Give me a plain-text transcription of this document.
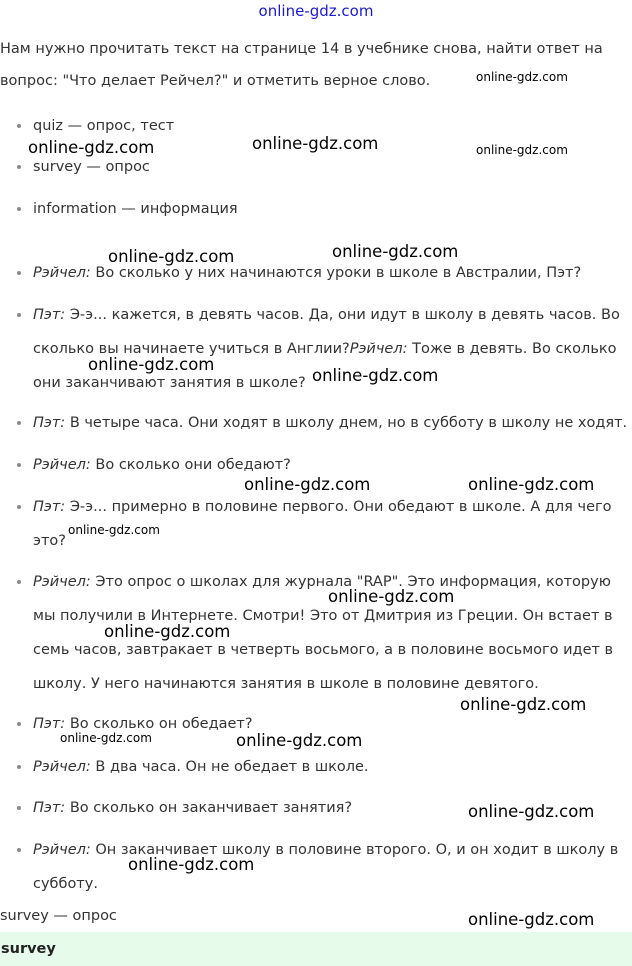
online-gdz.com
Нам нужно прочитать текст на странице 14 в учебнике снова, найти ответ на вопрос: "Что делает Рейчел?" и отметить верное слово.
quiz — опрос, тест
survey — опрос
information — информация
Рэйчел: Во сколько у них начинаются уроки в школе в Австралии, Пэт?
Пэт: Э-э... кажется, в девять часов. Да, они идут в школу в девять часов. Во сколько вы начинаете учиться в Англии?Рэйчел: Тоже в девять. Во сколько они заканчивают занятия в школе?
Пэт: В четыре часа. Они ходят в школу днем, но в субботу в школу не ходят.
Рэйчел: Во сколько они обедают?
Пэт: Э-э... примерно в половине первого. Они обедают в школе. А для чего это?
Рэйчел: Это опрос о школах для журнала "RAP". Это информация, которую мы получили в Интернете. Смотри! Это от Дмитрия из Греции. Он встает в семь часов, завтракает в четверть восьмого, а в половине восьмого идет в школу. У него начинаются занятия в школе в половине девятого.
Пэт: Во сколько он обедает?
Рэйчел: В два часа. Он не обедает в школе.
Пэт: Во сколько он заканчивает занятия?
Рэйчел: Он заканчивает школу в половине второго. О, и он ходит в школу в субботу.
survey — опрос
survey
online-gdz.com
online-gdz.com	online-gdz.com	online-gdz.com
online-gdz.com	online-gdz.com
online-gdz.com
online-gdz.com
online-gdz.com	online-gdz.com
online-gdz.com
online-gdz.com
online-gdz.com
online-gdz.com
online-gdz.com	online-gdz.com
online-gdz.com
online-gdz.com
online-gdz.com
